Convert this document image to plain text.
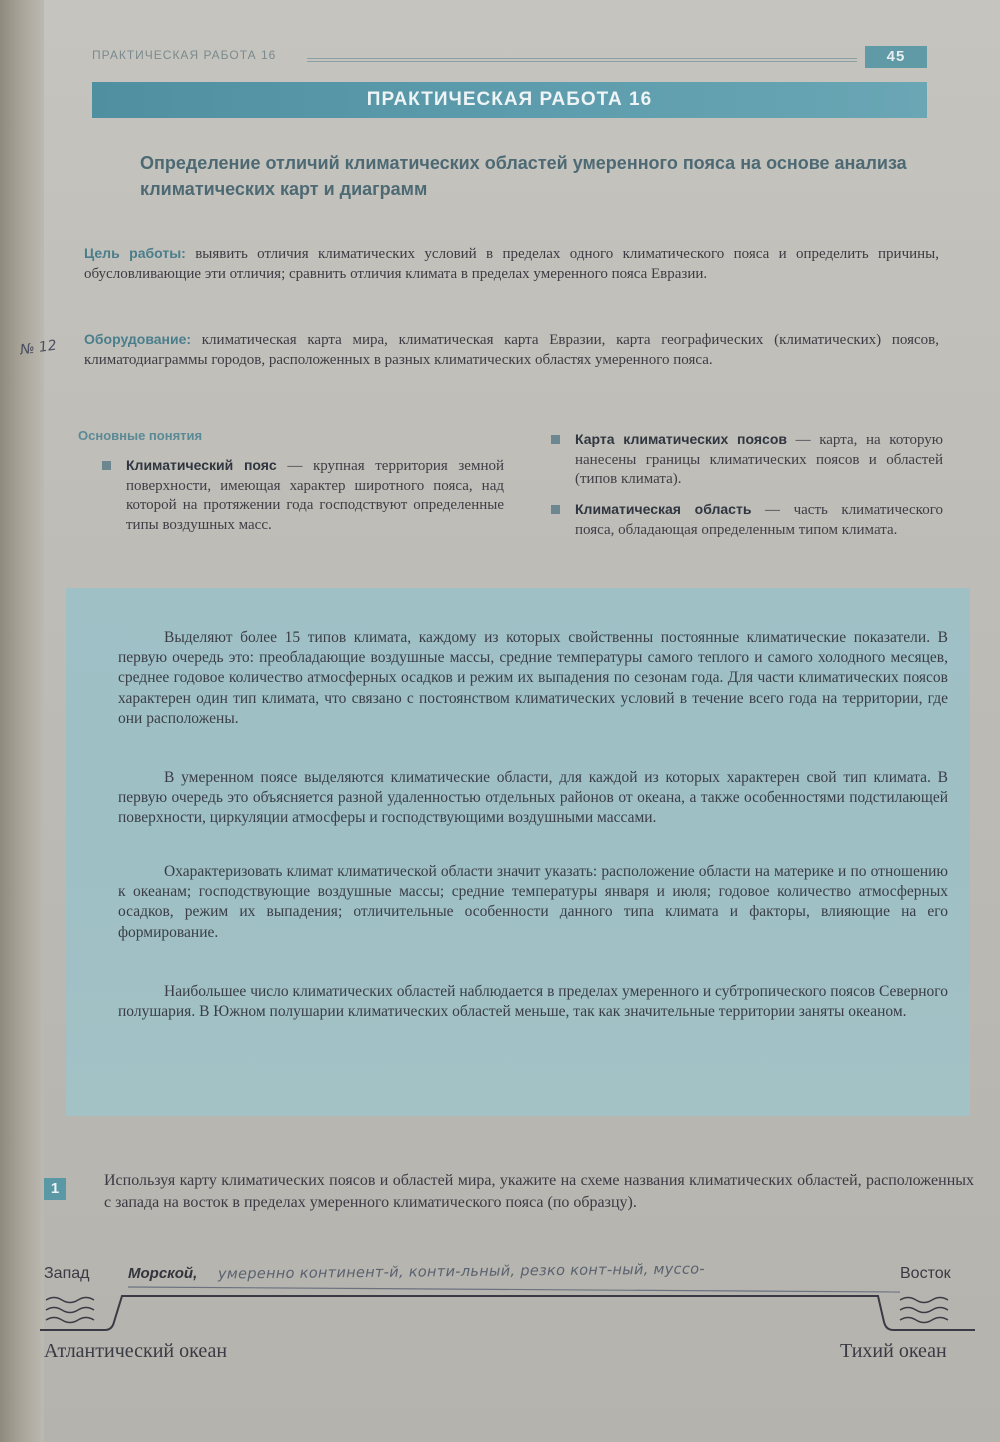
№ 12
ПРАКТИЧЕСКАЯ РАБОТА 16	45
ПРАКТИЧЕСКАЯ РАБОТА 16
Определение отличий климатических областей умеренного пояса на основе анализа климатических карт и диаграмм
Цель работы: выявить отличия климатических условий в пределах одного климатического пояса и определить причины, обусловливающие эти отличия; сравнить отличия климата в пределах умеренного пояса Евразии.
Оборудование: климатическая карта мира, климатическая карта Евразии, карта географических (климатических) поясов, климатодиаграммы городов, расположенных в разных климатических областях умеренного пояса.
Основные понятия
Климатический пояс — крупная территория земной поверхности, имеющая характер широтного пояса, над которой на протяжении года господствуют определенные типы воздушных масс.
Карта климатических поясов — карта, на которую нанесены границы климатических поясов и областей (типов климата).
Климатическая область — часть климатического пояса, обладающая определенным типом климата.

Выделяют более 15 типов климата, каждому из которых свойственны постоянные климатические показатели. В первую очередь это: преобладающие воздушные массы, средние температуры самого теплого и самого холодного месяцев, среднее годовое количество атмосферных осадков и режим их выпадения по сезонам года. Для части климатических поясов характерен один тип климата, что связано с постоянством климатических условий в течение всего года на территории, где они расположены.

В умеренном поясе выделяются климатические области, для каждой из которых характерен свой тип климата. В первую очередь это объясняется разной удаленностью отдельных районов от океана, а также особенностями подстилающей поверхности, циркуляции атмосферы и господствующими воздушными массами.

Охарактеризовать климат климатической области значит указать: расположение области на материке и по отношению к океанам; господствующие воздушные массы; средние температуры января и июля; годовое количество атмосферных осадков, режим их выпадения; отличительные особенности данного типа климата и факторы, влияющие на его формирование.

Наибольшее число климатических областей наблюдается в пределах умеренного и субтропического поясов Северного полушария. В Южном полушарии климатических областей меньше, так как значительные территории заняты океаном.

1	Используя карту климатических поясов и областей мира, укажите на схеме названия климатических областей, расположенных с запада на восток в пределах умеренного климатического пояса (по образцу).
Запад	Морской, умеренно континент-й, конти-льный, резко конт-ный, муссо-	Восток
Атлантический океан	Тихий океан
